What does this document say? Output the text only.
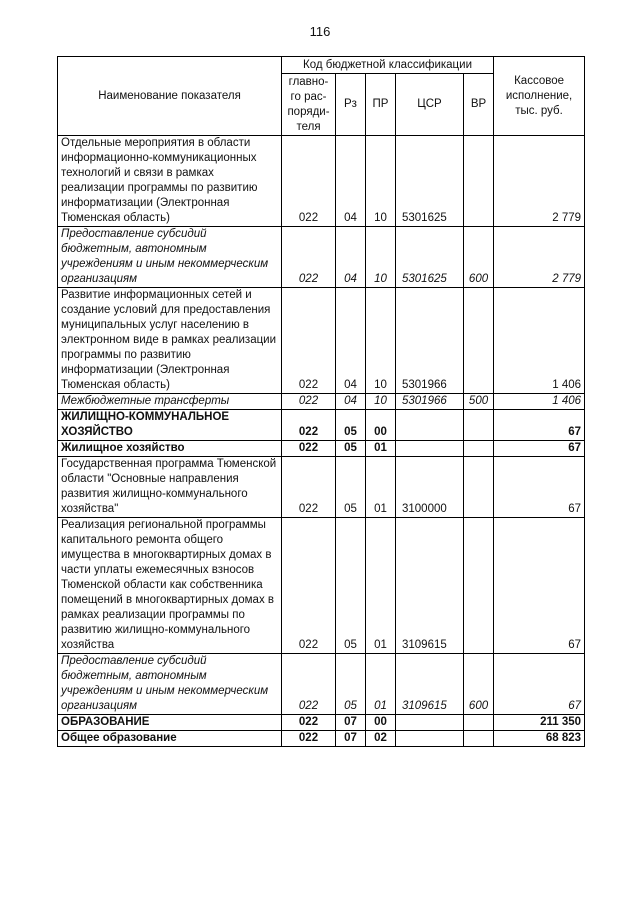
116
Наименование показателя	Код бюджетной классификации					Кассовое исполнение, тыс. руб.
	главно-го рас-поряди-теля	Рз	ПР	ЦСР	ВР	
Отдельные мероприятия в области информационно-коммуникационных технологий и связи в рамках реализации программы по развитию информатизации (Электронная Тюменская область)	022	04	10	5301625		2 779
Предоставление субсидий бюджетным, автономным учреждениям и иным некоммерческим организациям	022	04	10	5301625	600	2 779
Развитие информационных сетей и создание условий для предоставления муниципальных услуг населению в электронном виде в рамках реализации программы по развитию информатизации (Электронная Тюменская область)	022	04	10	5301966		1 406
Межбюджетные трансферты	022	04	10	5301966	500	1 406
ЖИЛИЩНО-КОММУНАЛЬНОЕ ХОЗЯЙСТВО	022	05	00			67
Жилищное хозяйство	022	05	01			67
Государственная программа Тюменской области "Основные направления развития жилищно-коммунального хозяйства"	022	05	01	3100000		67
Реализация региональной программы капитального ремонта общего имущества в многоквартирных домах в части уплаты ежемесячных взносов Тюменской области как собственника помещений в многоквартирных домах в рамках реализации программы по развитию жилищно-коммунального хозяйства	022	05	01	3109615		67
Предоставление субсидий бюджетным, автономным учреждениям и иным некоммерческим организациям	022	05	01	3109615	600	67
ОБРАЗОВАНИЕ	022	07	00			211 350
Общее образование	022	07	02			68 823
